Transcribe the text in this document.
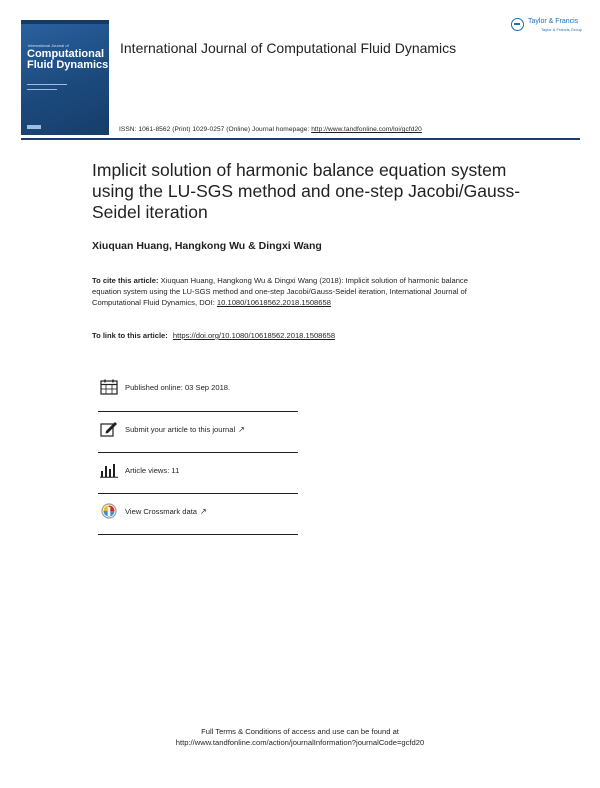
International Journal of
Computational Fluid Dynamics
Taylor & Francis
Taylor & Francis Group
International Journal of Computational Fluid Dynamics
ISSN: 1061-8562 (Print) 1029-0257 (Online) Journal homepage: http://www.tandfonline.com/loi/gcfd20
Implicit solution of harmonic balance equation system using the LU-SGS method and one-step Jacobi/Gauss-Seidel iteration
Xiuquan Huang, Hangkong Wu & Dingxi Wang
To cite this article: Xiuquan Huang, Hangkong Wu & Dingxi Wang (2018): Implicit solution of harmonic balance equation system using the LU-SGS method and one-step Jacobi/Gauss-Seidel iteration, International Journal of Computational Fluid Dynamics, DOI: 10.1080/10618562.2018.1508658
To link to this article: https://doi.org/10.1080/10618562.2018.1508658
Published online: 03 Sep 2018.
Submit your article to this journal ↗
Article views: 11
View Crossmark data ↗
Full Terms & Conditions of access and use can be found at
http://www.tandfonline.com/action/journalInformation?journalCode=gcfd20
